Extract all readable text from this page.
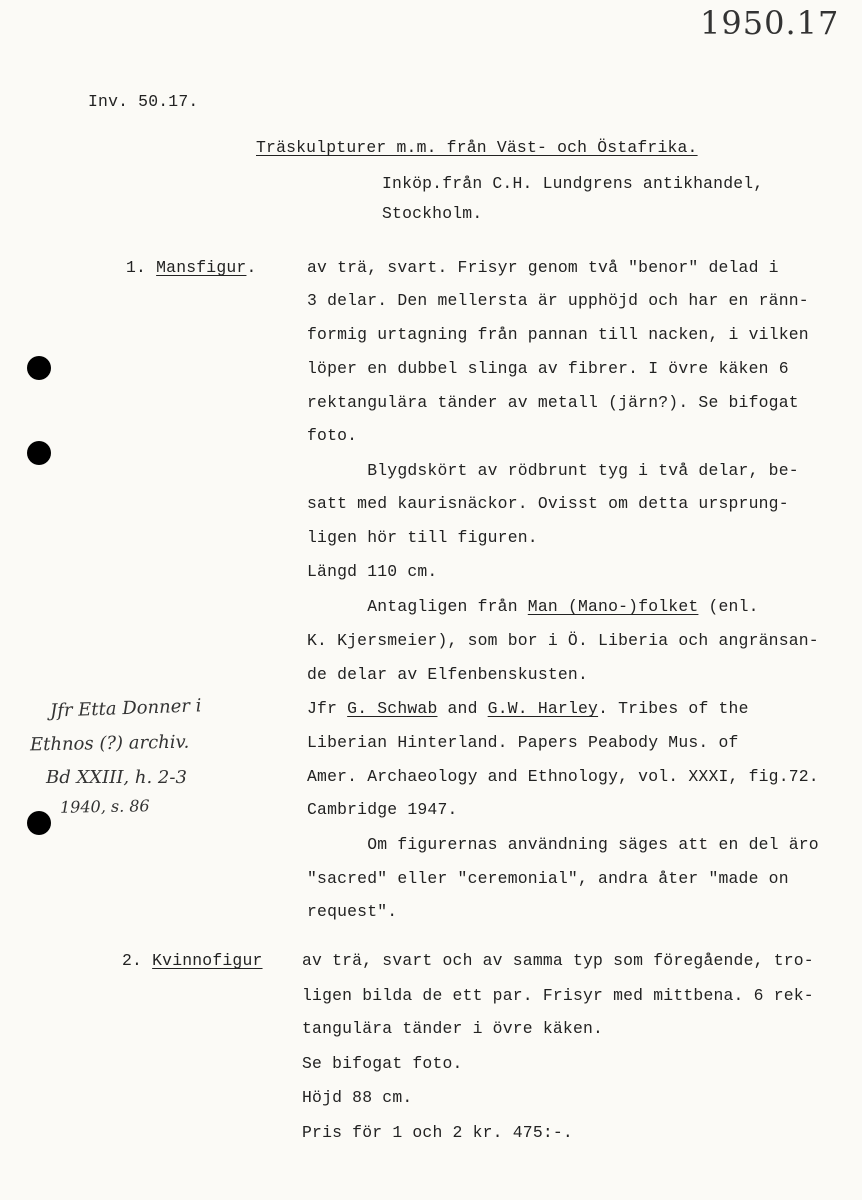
1950.17
Inv. 50.17.
Träskulpturer m.m. från Väst- och Östafrika.
Inköp.från C.H. Lundgrens antikhandel,
Stockholm.
1. Mansfigur.	av trä, svart. Frisyr genom två "benor" delad i
3 delar. Den mellersta är upphöjd och har en ränn-
formig urtagning från pannan till nacken, i vilken
löper en dubbel slinga av fibrer. I övre käken 6
rektangulära tänder av metall (järn?). Se bifogat
foto.
Blygdskört av rödbrunt tyg i två delar, be-
satt med kaurisnäckor. Ovisst om detta ursprung-
ligen hör till figuren.
Längd 110 cm.
Antagligen från Man (Mano-)folket (enl.
K. Kjersmeier), som bor i Ö. Liberia och angränsan-
de delar av Elfenbenskusten.
Jfr G. Schwab and G.W. Harley. Tribes of the
Liberian Hinterland. Papers Peabody Mus. of
Amer. Archaeology and Ethnology, vol. XXXI, fig.72.
Cambridge 1947.
Om figurernas användning säges att en del äro
"sacred" eller "ceremonial", andra åter "made on
request".
Jfr Etta Donner i
Ethnos (?) archiv.
Bd XXIII, h. 2-3
1940, s. 86
2. Kvinnofigur av trä, svart och av samma typ som föregående, tro-
ligen bilda de ett par. Frisyr med mittbena. 6 rek-
tangulära tänder i övre käken.
Se bifogat foto.
Höjd 88 cm.
Pris för 1 och 2 kr. 475:-.
